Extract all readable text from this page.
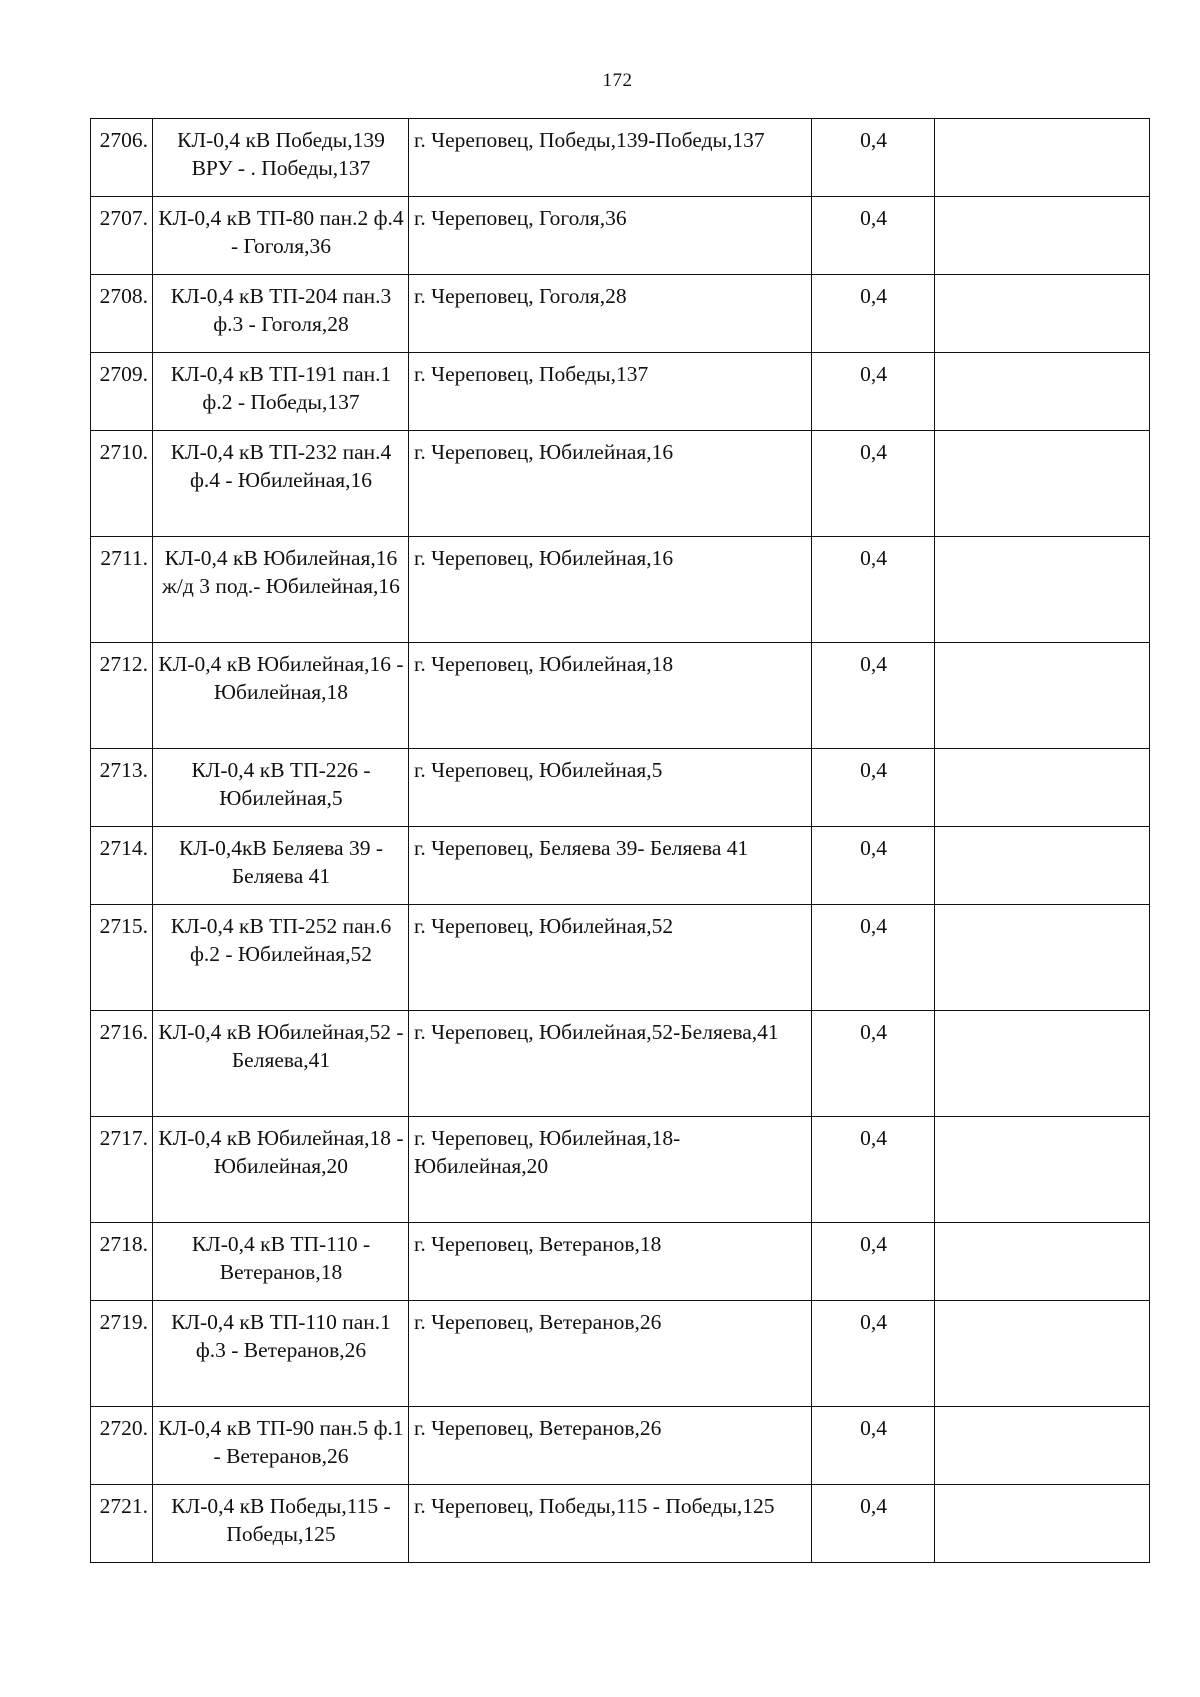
172
2706.	КЛ-0,4 кВ Победы,139 ВРУ - . Победы,137	г. Череповец, Победы,139-Победы,137	0,4	
2707.	КЛ-0,4 кВ ТП-80 пан.2 ф.4 - Гоголя,36	г. Череповец, Гоголя,36	0,4	
2708.	КЛ-0,4 кВ ТП-204 пан.3 ф.3 - Гоголя,28	г. Череповец, Гоголя,28	0,4	
2709.	КЛ-0,4 кВ ТП-191 пан.1 ф.2 - Победы,137	г. Череповец, Победы,137	0,4	
2710.	КЛ-0,4 кВ ТП-232 пан.4 ф.4 - Юбилейная,16	г. Череповец, Юбилейная,16	0,4	
2711.	КЛ-0,4 кВ Юбилейная,16 ж/д 3 под.- Юбилейная,16	г. Череповец, Юбилейная,16	0,4	
2712.	КЛ-0,4 кВ Юбилейная,16 - Юбилейная,18	г. Череповец, Юбилейная,18	0,4	
2713.	КЛ-0,4 кВ ТП-226 - Юбилейная,5	г. Череповец, Юбилейная,5	0,4	
2714.	КЛ-0,4кВ Беляева 39 - Беляева 41	г. Череповец, Беляева 39- Беляева 41	0,4	
2715.	КЛ-0,4 кВ ТП-252 пан.6 ф.2 - Юбилейная,52	г. Череповец, Юбилейная,52	0,4	
2716.	КЛ-0,4 кВ Юбилейная,52 - Беляева,41	г. Череповец, Юбилейная,52-Беляева,41	0,4	
2717.	КЛ-0,4 кВ Юбилейная,18 - Юбилейная,20	г. Череповец, Юбилейная,18-Юбилейная,20	0,4	
2718.	КЛ-0,4 кВ ТП-110 - Ветеранов,18	г. Череповец, Ветеранов,18	0,4	
2719.	КЛ-0,4 кВ ТП-110 пан.1 ф.3 - Ветеранов,26	г. Череповец, Ветеранов,26	0,4	
2720.	КЛ-0,4 кВ ТП-90 пан.5 ф.1 - Ветеранов,26	г. Череповец, Ветеранов,26	0,4	
2721.	КЛ-0,4 кВ Победы,115 - Победы,125	г. Череповец, Победы,115 - Победы,125	0,4	
